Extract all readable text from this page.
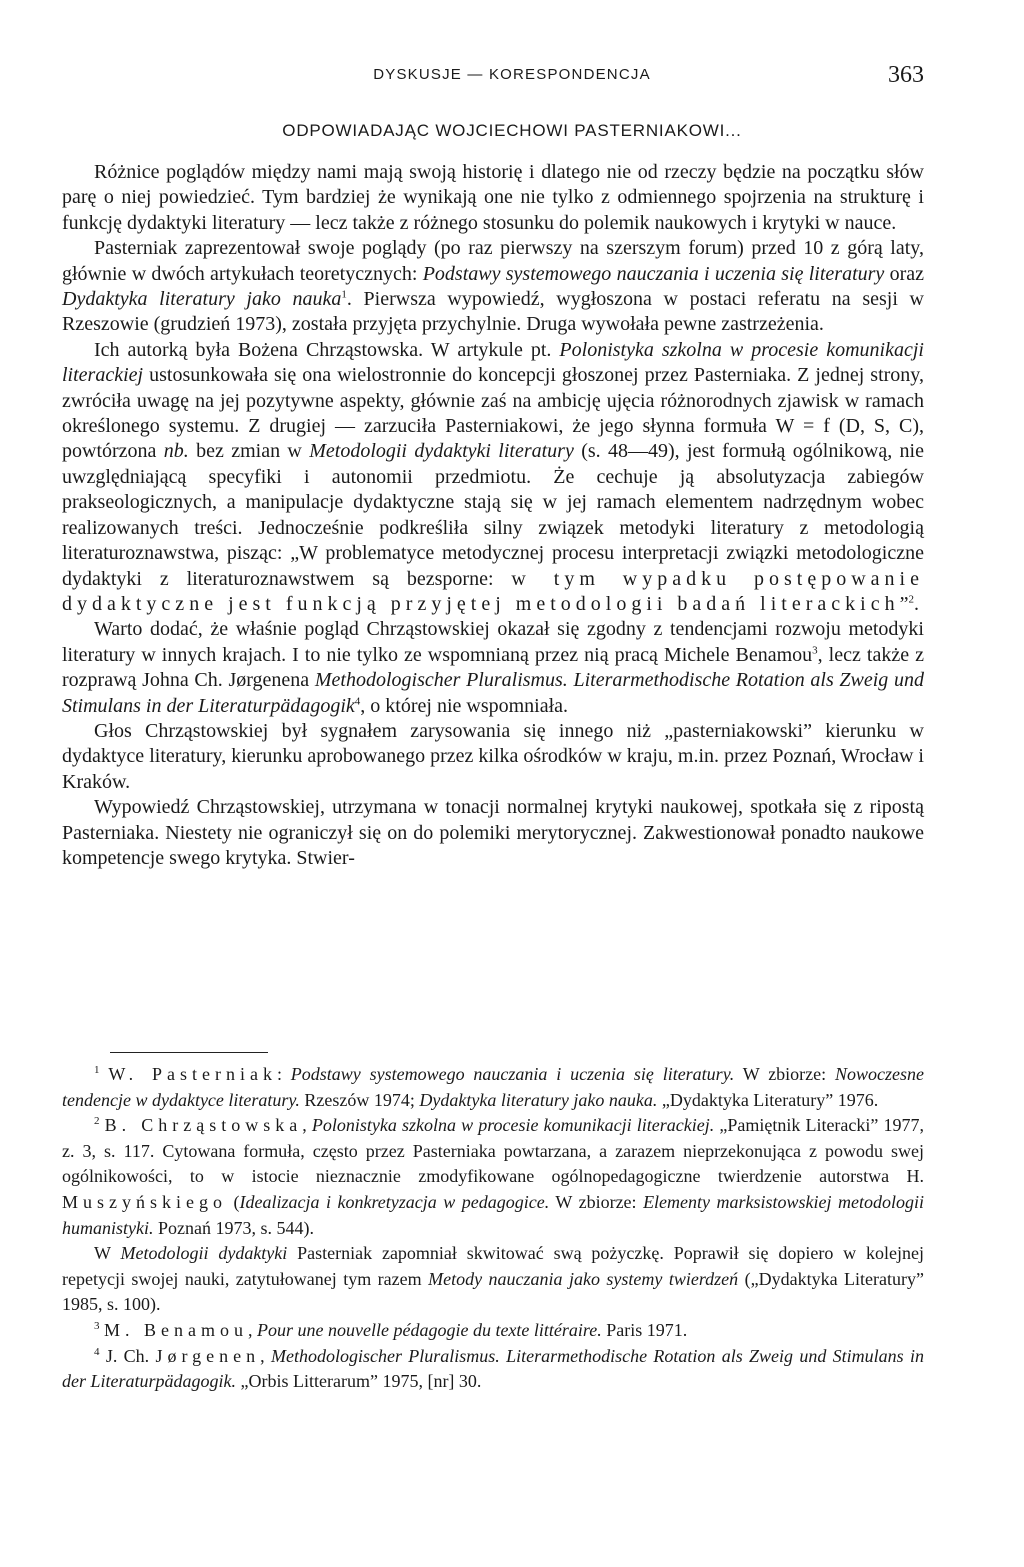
DYSKUSJE — KORESPONDENCJA	363
ODPOWIADAJĄC WOJCIECHOWI PASTERNIAKOWI...

Różnice poglądów między nami mają swoją historię i dlatego nie od rzeczy będzie na początku słów parę o niej powiedzieć. Tym bardziej że wynikają one nie tylko z odmiennego spojrzenia na strukturę i funkcję dydaktyki literatury — lecz także z różnego stosunku do polemik naukowych i krytyki w nauce.

Pasterniak zaprezentował swoje poglądy (po raz pierwszy na szerszym forum) przed 10 z górą laty, głównie w dwóch artykułach teoretycznych: Podstawy systemowego nauczania i uczenia się literatury oraz Dydaktyka literatury jako nauka$^1$. Pierwsza wypowiedź, wygłoszona w postaci referatu na sesji w Rzeszowie (grudzień 1973), została przyjęta przychylnie. Druga wywołała pewne zastrzeżenia.

Ich autorką była Bożena Chrząstowska. W artykule pt. Polonistyka szkolna w procesie komunikacji literackiej ustosunkowała się ona wielostronnie do koncepcji głoszonej przez Pasterniaka. Z jednej strony, zwróciła uwagę na jej pozytywne aspekty, głównie zaś na ambicję ujęcia różnorodnych zjawisk w ramach określonego systemu. Z drugiej — zarzuciła Pasterniakowi, że jego słynna formuła W = f (D, S, C), powtórzona nb. bez zmian w Metodologii dydaktyki literatury (s. 48—49), jest formułą ogólnikową, nie uwzględniającą specyfiki i autonomii przedmiotu. Że cechuje ją absolutyzacja zabiegów prakseologicznych, a manipulacje dydaktyczne stają się w jej ramach elementem nadrzędnym wobec realizowanych treści. Jednocześnie podkreśliła silny związek metodyki literatury z metodologią literaturoznawstwa, pisząc: „W problematyce metodycznej procesu interpretacji związki metodologiczne dydaktyki z literaturoznawstwem są bezsporne: w tym wypadku postępowanie dydaktyczne jest funkcją przyjętej metodologii badań literackich”$^2$.

Warto dodać, że właśnie pogląd Chrząstowskiej okazał się zgodny z tendencjami rozwoju metodyki literatury w innych krajach. I to nie tylko ze wspomnianą przez nią pracą Michele Benamou$^3$, lecz także z rozprawą Johna Ch. Jørgenena Methodologischer Pluralismus. Literarmethodische Rotation als Zweig und Stimulans in der Literaturpädagogik$^4$, o której nie wspomniała.

Głos Chrząstowskiej był sygnałem zarysowania się innego niż „pasterniakowski” kierunku w dydaktyce literatury, kierunku aprobowanego przez kilka ośrodków w kraju, m.in. przez Poznań, Wrocław i Kraków.

Wypowiedź Chrząstowskiej, utrzymana w tonacji normalnej krytyki naukowej, spotkała się z ripostą Pasterniaka. Niestety nie ograniczył się on do polemiki merytorycznej. Zakwestionował ponadto naukowe kompetencje swego krytyka. Stwier-

$^1$ W. Pasterniak: Podstawy systemowego nauczania i uczenia się literatury. W zbiorze: Nowoczesne tendencje w dydaktyce literatury. Rzeszów 1974; Dydaktyka literatury jako nauka. „Dydaktyka Literatury” 1976.

$^2$ B. Chrząstowska, Polonistyka szkolna w procesie komunikacji literackiej. „Pamiętnik Literacki” 1977, z. 3, s. 117. Cytowana formuła, często przez Pasterniaka powtarzana, a zarazem nieprzekonująca z powodu swej ogólnikowości, to w istocie nieznacznie zmodyfikowane ogólnopedagogiczne twierdzenie autorstwa H. Muszyńskiego (Idealizacja i konkretyzacja w pedagogice. W zbiorze: Elementy marksistowskiej metodologii humanistyki. Poznań 1973, s. 544).

W Metodologii dydaktyki Pasterniak zapomniał skwitować swą pożyczkę. Poprawił się dopiero w kolejnej repetycji swojej nauki, zatytułowanej tym razem Metody nauczania jako systemy twierdzeń („Dydaktyka Literatury” 1985, s. 100).

$^3$ M. Benamou, Pour une nouvelle pédagogie du texte littéraire. Paris 1971.

$^4$ J. Ch. Jørgenen, Methodologischer Pluralismus. Literarmethodische Rotation als Zweig und Stimulans in der Literaturpädagogik. „Orbis Litterarum” 1975, [nr] 30.
